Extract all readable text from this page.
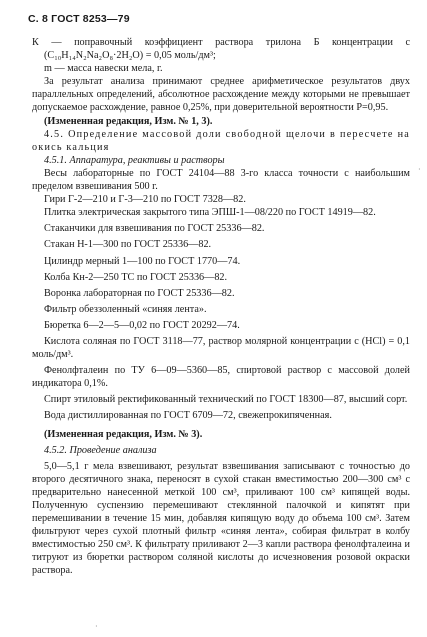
С. 8 ГОСТ 8253—79

К — поправочный коэффициент раствора трилона Б концентрации с (C₁₀H₁₄N₂Na₂O₈·2H₂O) = 0,05 моль/дм³;

m — масса навески мела, г.

За результат анализа принимают среднее арифметическое результатов двух параллельных определений, абсолютное расхождение между которыми не превышает допускаемое расхождение, равное 0,25%, при доверительной вероятности P=0,95.

(Измененная редакция, Изм. № 1, 3).

4.5. Определение массовой доли свободной щелочи в пересчете на окись кальция

4.5.1. Аппаратура, реактивы и растворы

Весы лабораторные по ГОСТ 24104—88 3-го класса точности с наибольшим пределом взвешивания 500 г.

Гири Г-2—210 и Г-3—210 по ГОСТ 7328—82.

Плитка электрическая закрытого типа ЭПШ-1—08/220 по ГОСТ 14919—82.

Стаканчики для взвешивания по ГОСТ 25336—82.

Стакан Н-1—300 по ГОСТ 25336—82.

Цилиндр мерный 1—100 по ГОСТ 1770—74.

Колба Кн-2—250 ТС по ГОСТ 25336—82.

Воронка лабораторная по ГОСТ 25336—82.

Фильтр обеззоленный «синяя лента».

Бюретка 6—2—5—0,02 по ГОСТ 20292—74.

Кислота соляная по ГОСТ 3118—77, раствор молярной концентрации с (HCl) = 0,1 моль/дм³.

Фенолфталеин по ТУ 6—09—5360—85, спиртовой раствор с массовой долей индикатора 0,1%.

Спирт этиловый ректификованный технический по ГОСТ 18300—87, высший сорт.

Вода дистиллированная по ГОСТ 6709—72, свежепрокипяченная.

(Измененная редакция, Изм. № 3).

4.5.2. Проведение анализа

5,0—5,1 г мела взвешивают, результат взвешивания записывают с точностью до второго десятичного знака, переносят в сухой стакан вместимостью 200—300 см³ с предварительно нанесенной меткой 100 см³, приливают 100 см³ кипящей воды. Полученную суспензию перемешивают стеклянной палочкой и кипятят при перемешивании в течение 15 мин, добавляя кипящую воду до объема 100 см³. Затем фильтруют через сухой плотный фильтр «синяя лента», собирая фильтрат в колбу вместимостью 250 см³. К фильтрату приливают 2—3 капли раствора фенолфталеина и титруют из бюретки раствором соляной кислоты до исчезновения розовой окраски раствора.

·
·
